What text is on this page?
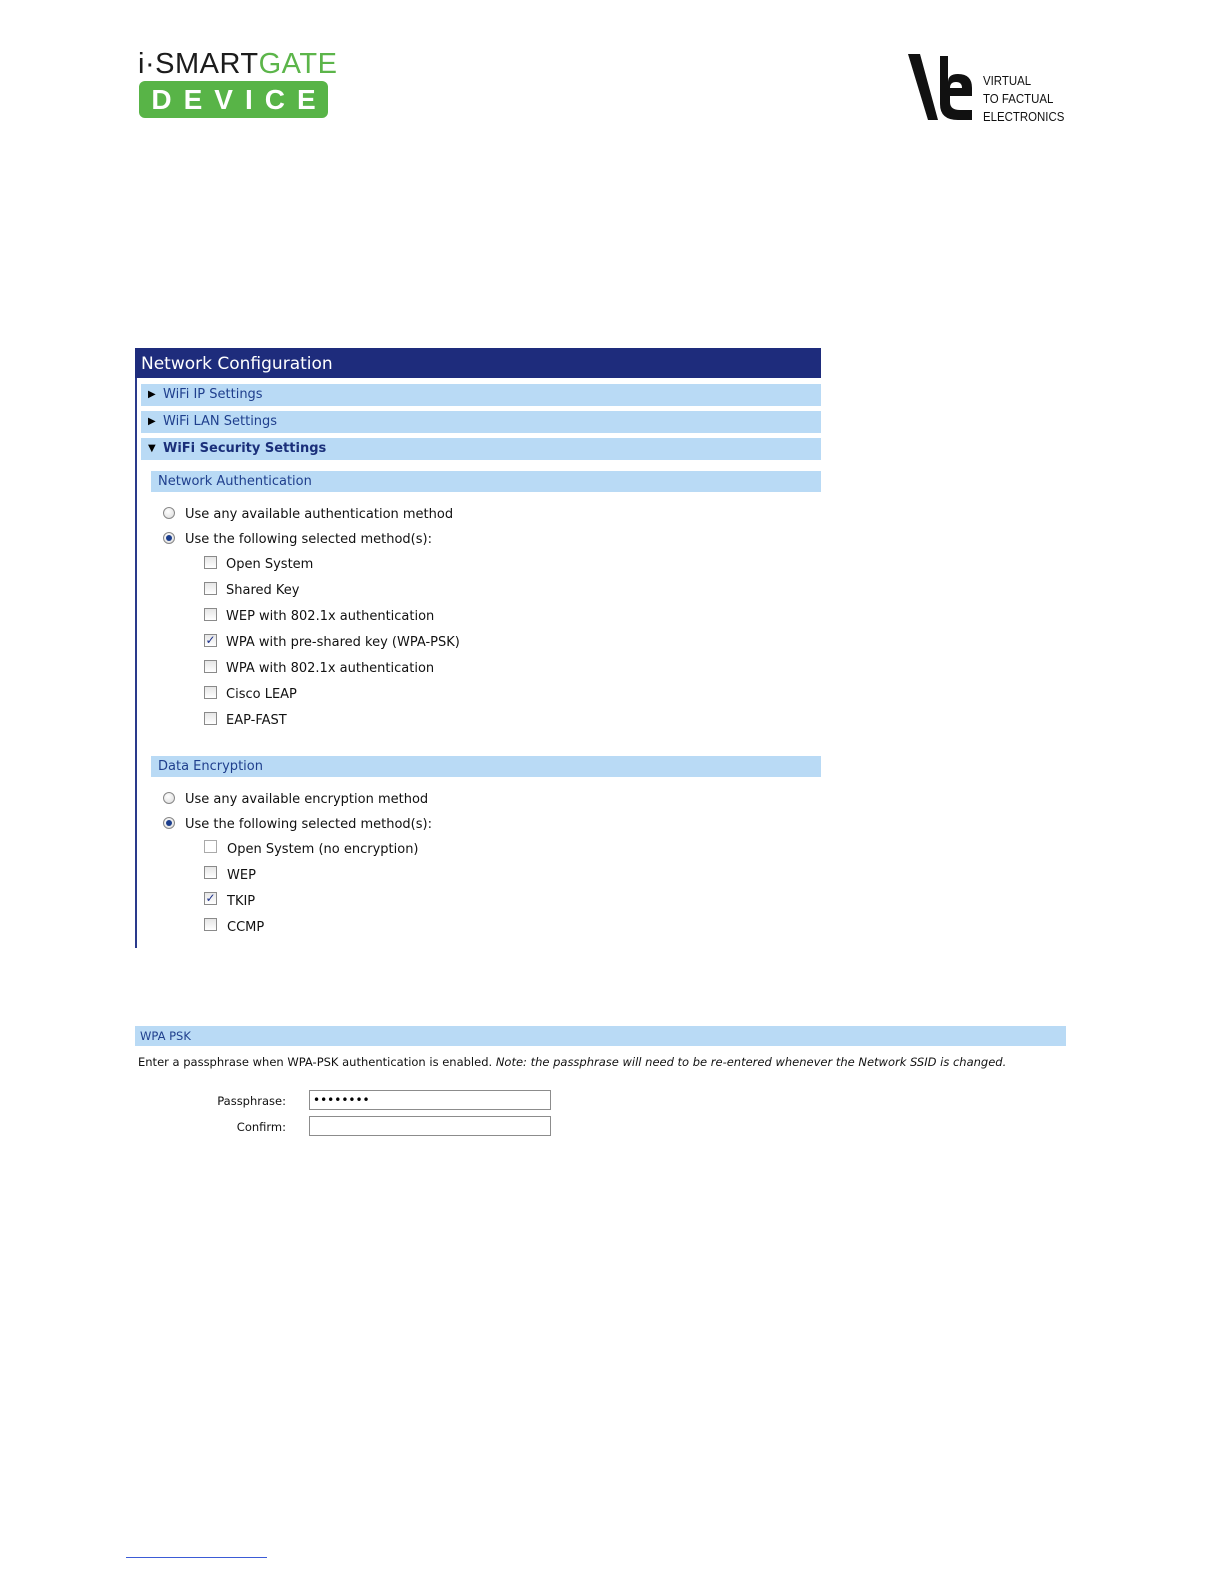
i·SMARTGATE
DEVICE
VIRTUAL
TO FACTUAL
ELECTRONICS
Network Configuration
▶ WiFi IP Settings
▶ WiFi LAN Settings
▼ WiFi Security Settings
Network Authentication
Use any available authentication method
Use the following selected method(s):
Open System
Shared Key
WEP with 802.1x authentication
✓ WPA with pre-shared key (WPA-PSK)
WPA with 802.1x authentication
Cisco LEAP
EAP-FAST
Data Encryption
Use any available encryption method
Use the following selected method(s):
Open System (no encryption)
WEP
✓ TKIP
CCMP
WPA PSK
Enter a passphrase when WPA-PSK authentication is enabled. Note: the passphrase will need to be re-entered whenever the Network SSID is changed.
Passphrase:
••••••••
Confirm:
